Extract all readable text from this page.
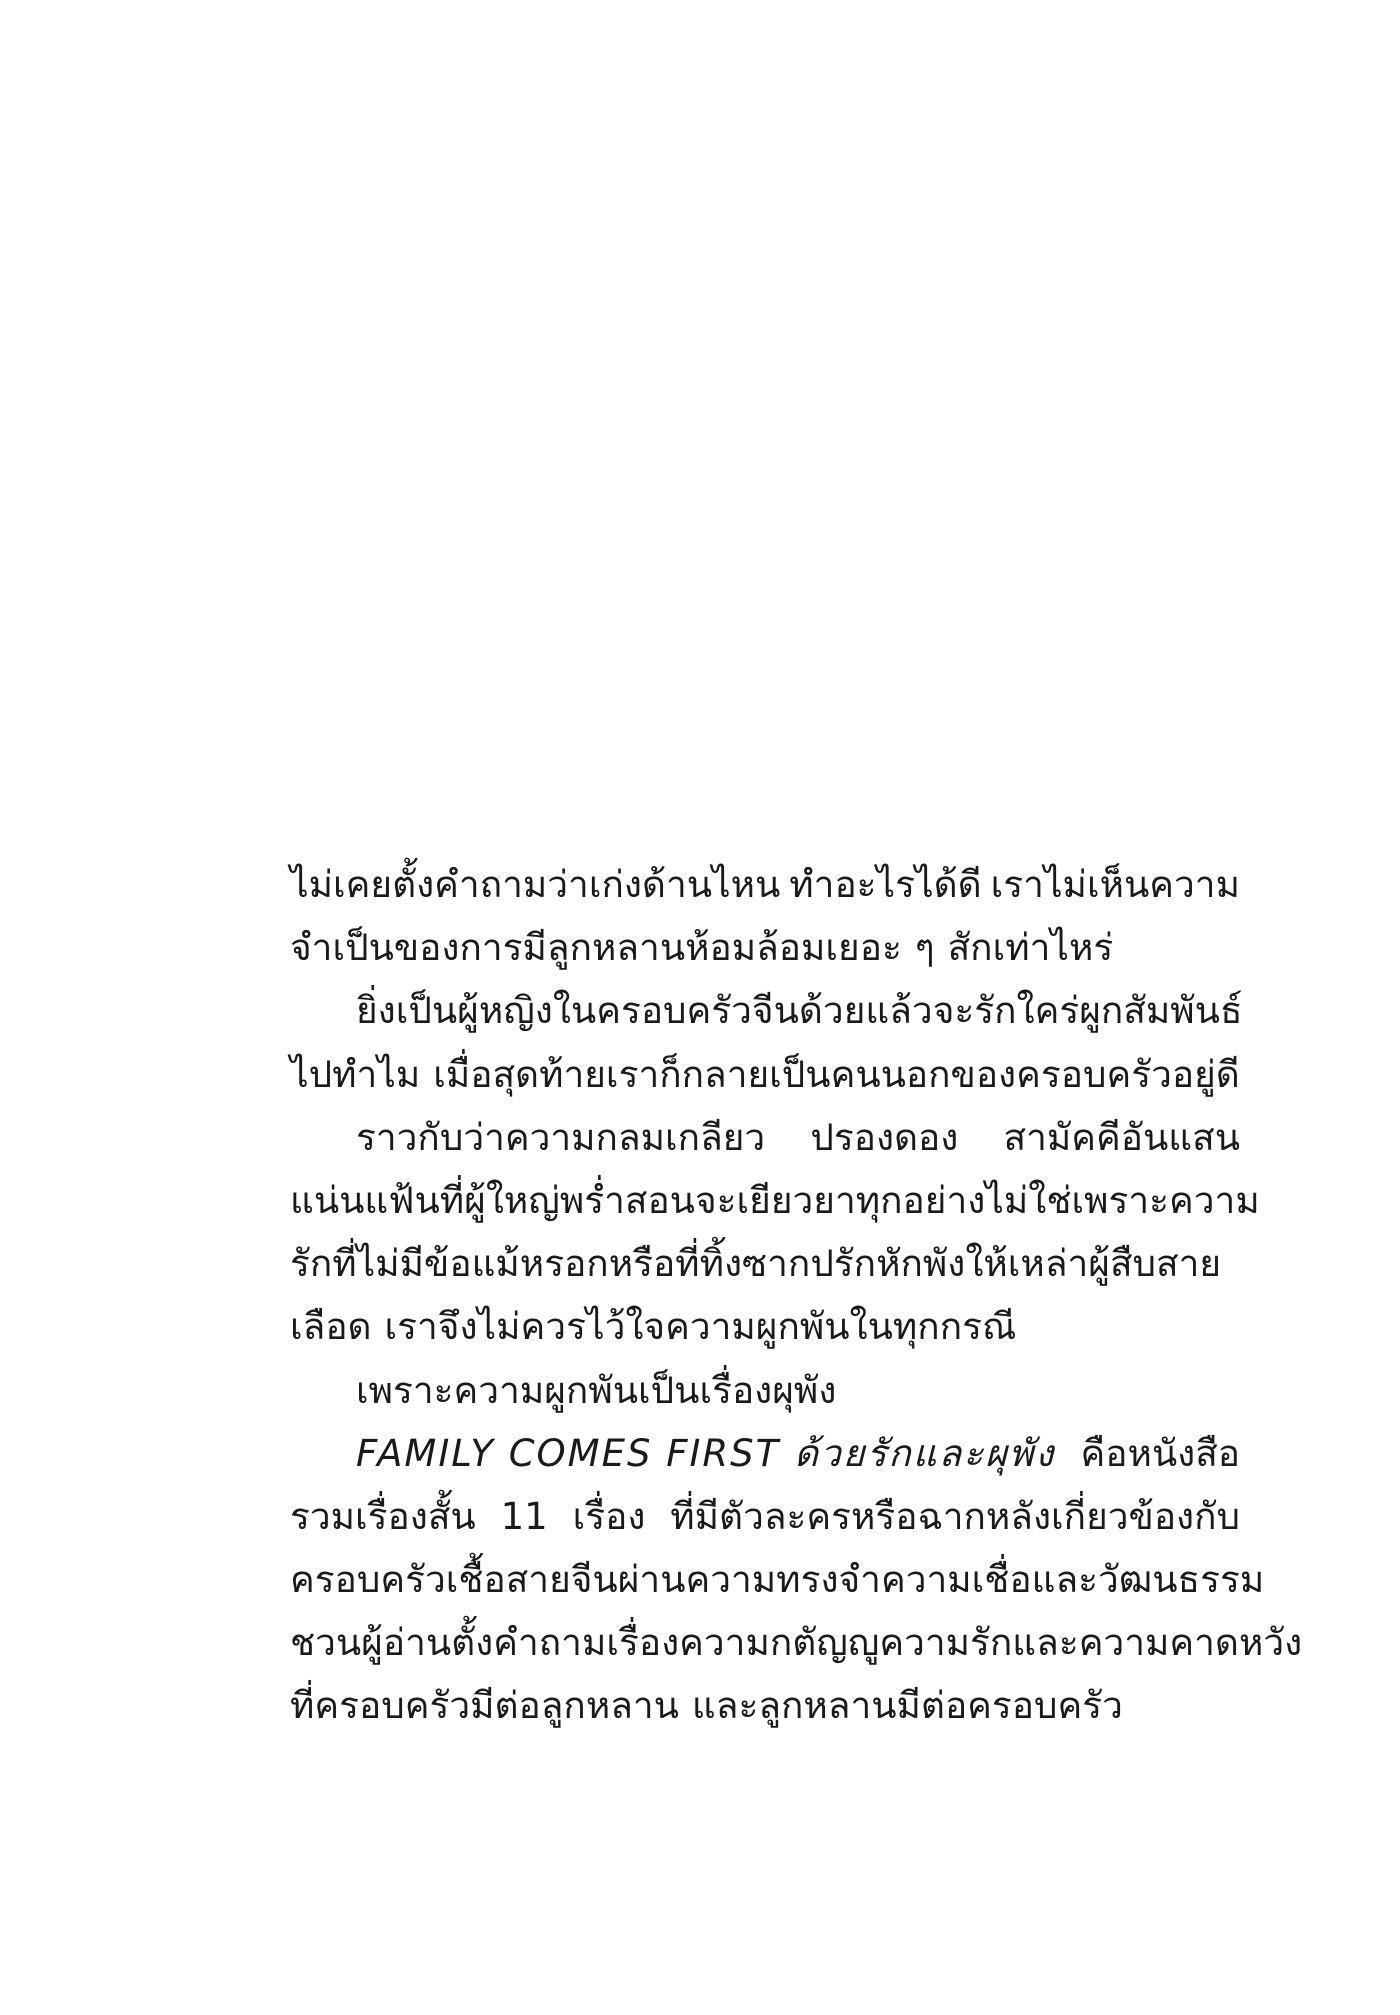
ไม่เคยตั้งคำถามว่าเก่งด้านไหน ทำอะไรได้ดี เราไม่เห็นความ
จำเป็นของการมีลูกหลานห้อมล้อมเยอะ ๆ สักเท่าไหร่
ยิ่งเป็นผู้หญิงในครอบครัวจีนด้วยแล้ว จะรักใคร่ผูกสัมพันธ์
ไปทำไม เมื่อสุดท้ายเราก็กลายเป็นคนนอกของครอบครัวอยู่ดี
ราวกับว่าความกลมเกลียว ปรองดอง สามัคคีอันแสน
แน่นแฟ้นที่ผู้ใหญ่พร่ำสอนจะเยียวยาทุกอย่าง ไม่ใช่เพราะความ
รักที่ไม่มีข้อแม้หรอกหรือที่ทิ้งซากปรักหักพังให้เหล่าผู้สืบสาย
เลือด เราจึงไม่ควรไว้ใจความผูกพันในทุกกรณี
เพราะความผูกพันเป็นเรื่องผุพัง
FAMILY COMES FIRST ด้วยรักและผุพัง คือหนังสือ
รวมเรื่องสั้น 11 เรื่อง ที่มีตัวละครหรือฉากหลังเกี่ยวข้องกับ
ครอบครัวเชื้อสายจีน ผ่านความทรงจำ ความเชื่อ และวัฒนธรรม
ชวนผู้อ่านตั้งคำถามเรื่องความกตัญญู ความรักและความคาดหวัง
ที่ครอบครัวมีต่อลูกหลาน และลูกหลานมีต่อครอบครัว
